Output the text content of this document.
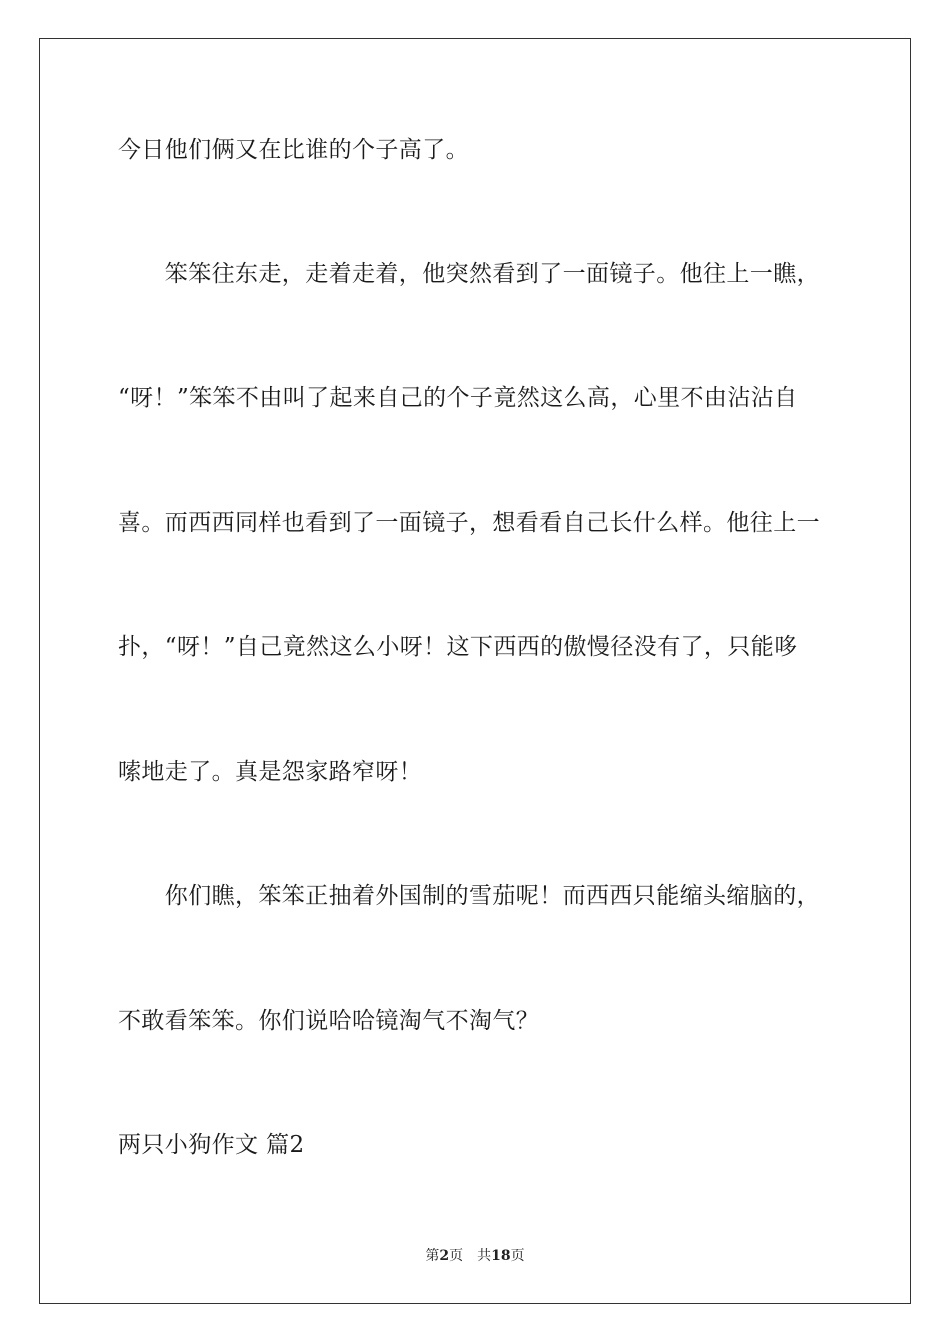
今日他们俩又在比谁的个子高了。
　　笨笨往东走，走着走着，他突然看到了一面镜子。他往上一瞧，
“呀！”笨笨不由叫了起来自己的个子竟然这么高，心里不由沾沾自
喜。而西西同样也看到了一面镜子，想看看自己长什么样。他往上一
扑，“呀！”自己竟然这么小呀！这下西西的傲慢径没有了，只能哆
嗦地走了。真是怨家路窄呀！
　　你们瞧，笨笨正抽着外国制的雪茄呢！而西西只能缩头缩脑的，
不敢看笨笨。你们说哈哈镜淘气不淘气？
两只小狗作文 篇2
第2页 共18页
